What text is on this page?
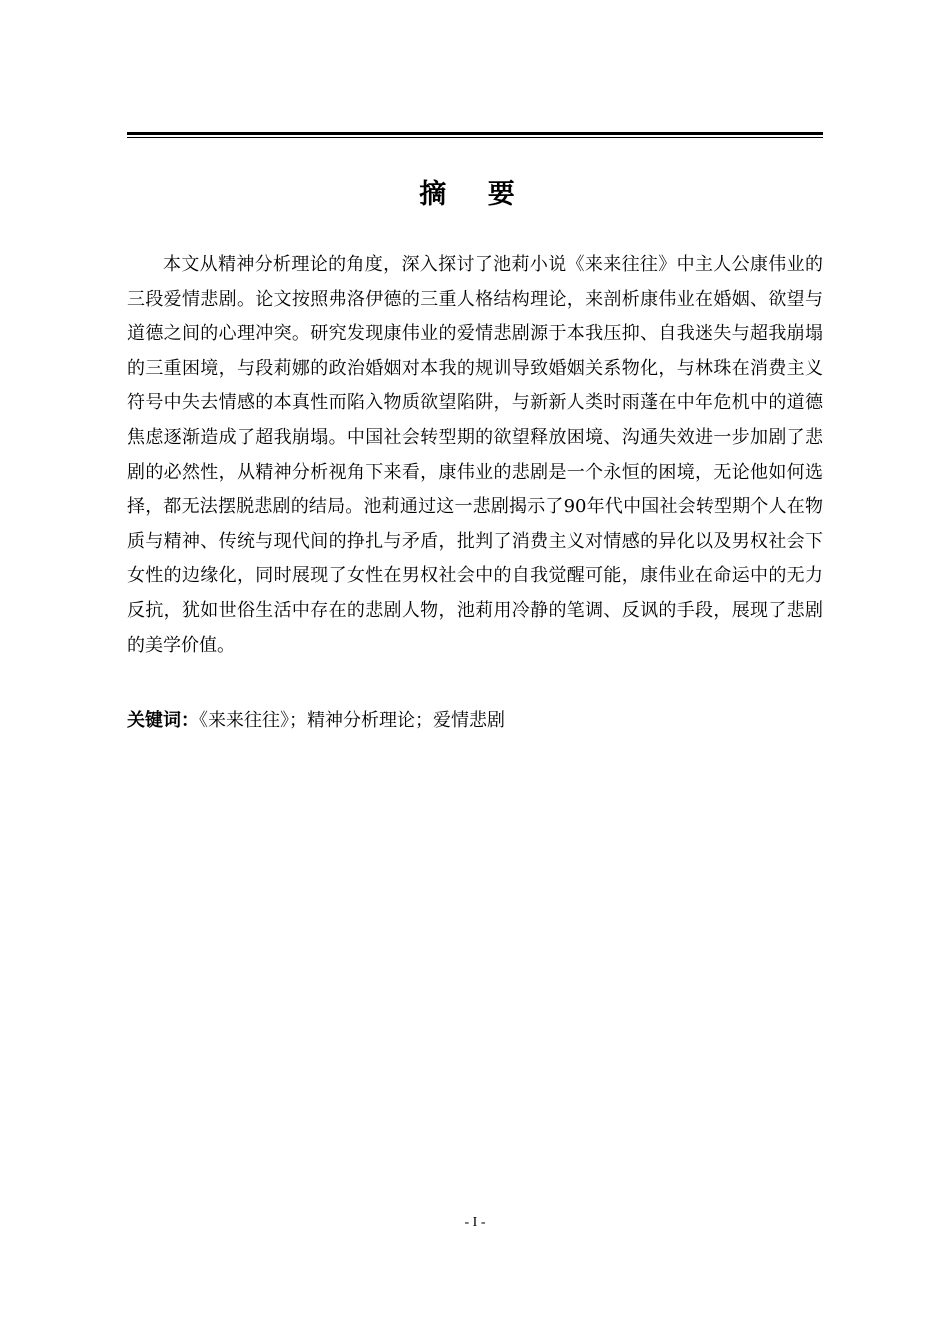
摘 要

本文从精神分析理论的角度，深入探讨了池莉小说《来来往往》中主人公康伟业的三段爱情悲剧。论文按照弗洛伊德的三重人格结构理论，来剖析康伟业在婚姻、欲望与道德之间的心理冲突。研究发现康伟业的爱情悲剧源于本我压抑、自我迷失与超我崩塌的三重困境，与段莉娜的政治婚姻对本我的规训导致婚姻关系物化，与林珠在消费主义符号中失去情感的本真性而陷入物质欲望陷阱，与新新人类时雨蓬在中年危机中的道德焦虑逐渐造成了超我崩塌。中国社会转型期的欲望释放困境、沟通失效进一步加剧了悲剧的必然性，从精神分析视角下来看，康伟业的悲剧是一个永恒的困境，无论他如何选择，都无法摆脱悲剧的结局。池莉通过这一悲剧揭示了90年代中国社会转型期个人在物质与精神、传统与现代间的挣扎与矛盾，批判了消费主义对情感的异化以及男权社会下女性的边缘化，同时展现了女性在男权社会中的自我觉醒可能，康伟业在命运中的无力反抗，犹如世俗生活中存在的悲剧人物，池莉用冷静的笔调、反讽的手段，展现了悲剧的美学价值。

关键词：《来来往往》；精神分析理论；爱情悲剧
- I -
